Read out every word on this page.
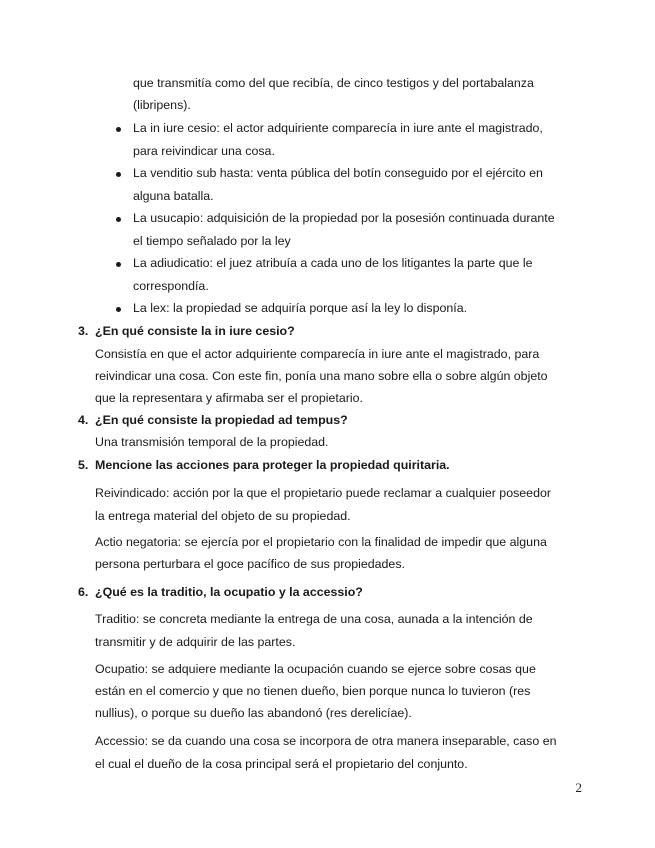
que transmitía como del que recibía, de cinco testigos y del portabalanza
(libripens).
La in iure cesio: el actor adquiriente comparecía in iure ante el magistrado,
para reivindicar una cosa.
La venditio sub hasta: venta pública del botín conseguido por el ejército en
alguna batalla.
La usucapio: adquisición de la propiedad por la posesión continuada durante
el tiempo señalado por la ley
La adiudicatio: el juez atribuía a cada uno de los litigantes la parte que le
correspondía.
La lex: la propiedad se adquiría porque así la ley lo disponía.
3. ¿En qué consiste la in iure cesio?
Consistía en que el actor adquiriente comparecía in iure ante el magistrado, para
reivindicar una cosa. Con este fin, ponía una mano sobre ella o sobre algún objeto
que la representara y afirmaba ser el propietario.
4. ¿En qué consiste la propiedad ad tempus?
Una transmisión temporal de la propiedad.
5. Mencione las acciones para proteger la propiedad quiritaria.
Reivindicado: acción por la que el propietario puede reclamar a cualquier poseedor
la entrega material del objeto de su propiedad.
Actio negatoria: se ejercía por el propietario con la finalidad de impedir que alguna
persona perturbara el goce pacífico de sus propiedades.
6. ¿Qué es la traditio, la ocupatio y la accessio?
Traditio: se concreta mediante la entrega de una cosa, aunada a la intención de
transmitir y de adquirir de las partes.
Ocupatio: se adquiere mediante la ocupación cuando se ejerce sobre cosas que
están en el comercio y que no tienen dueño, bien porque nunca lo tuvieron (res
nullius), o porque su dueño las abandonó (res derelicíae).
Accessio: se da cuando una cosa se incorpora de otra manera inseparable, caso en
el cual el dueño de la cosa principal será el propietario del conjunto.
2
